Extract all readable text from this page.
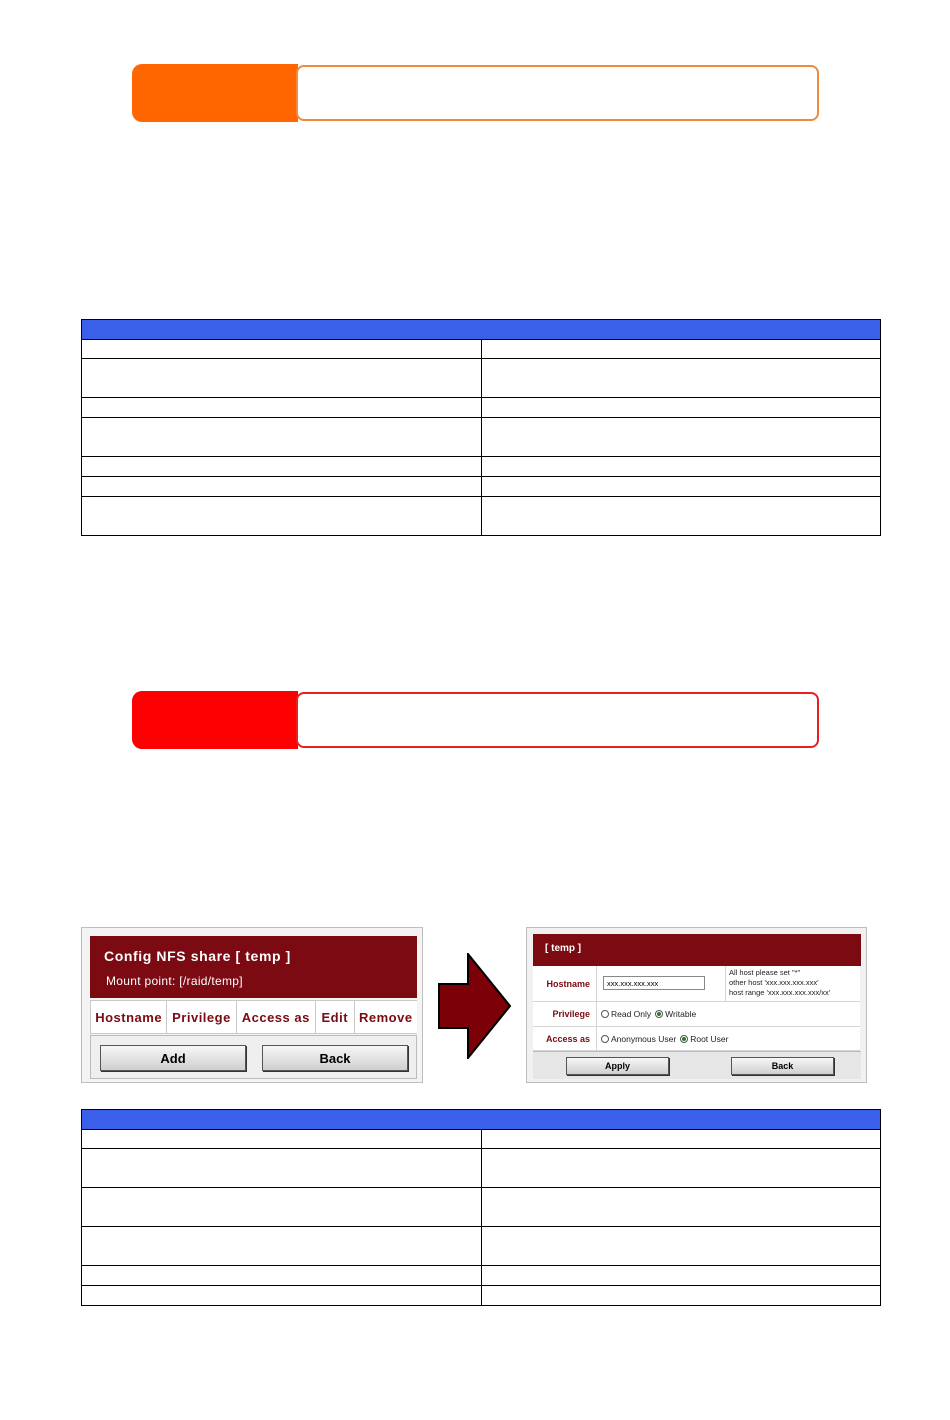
Config NFS share [ temp ]
Mount point: [/raid/temp]
Hostname Privilege Access as Edit Remove
Add	Back
[ temp ]
Hostname	xxx.xxx.xxx.xxx
All host please set "*"
other host 'xxx.xxx.xxx.xxx'
host range 'xxx.xxx.xxx.xxx/xx'
Privilege	Read Only Writable
Access as	Anonymous User Root User
Apply	Back
